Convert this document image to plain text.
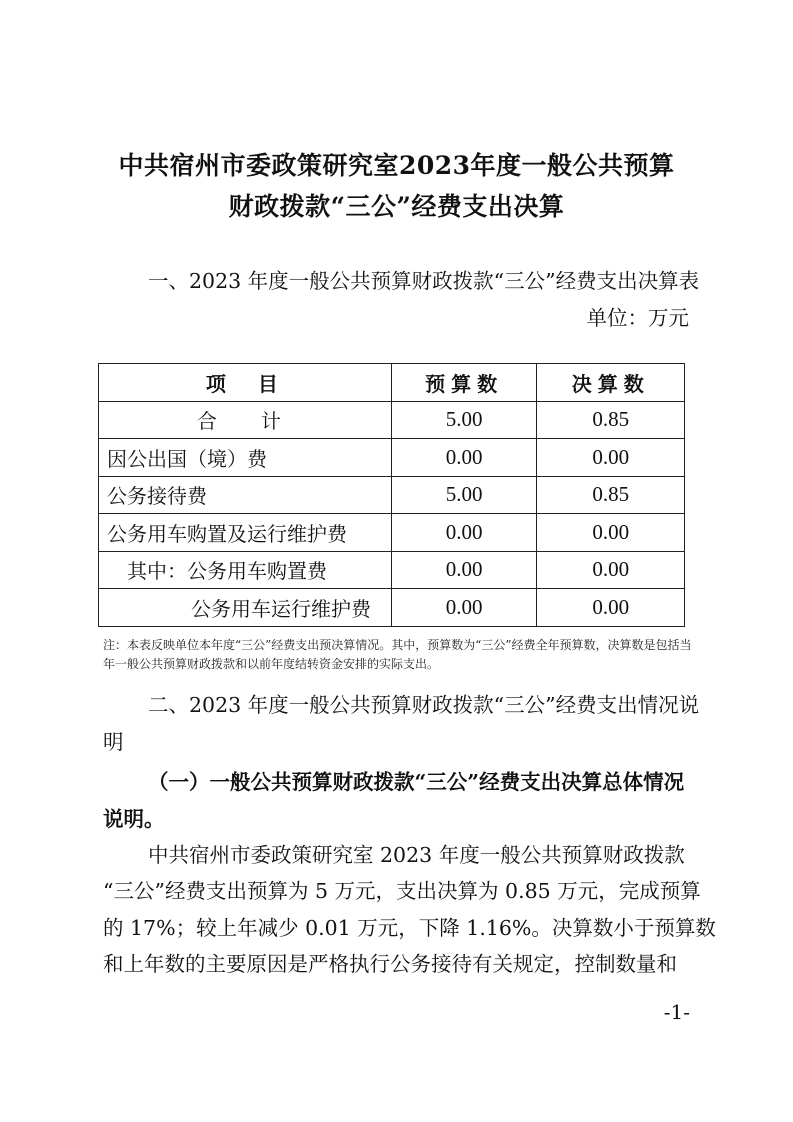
中共宿州市委政策研究室2023年度一般公共预算
财政拨款“三公”经费支出决算
一、2023 年度一般公共预算财政拨款“三公”经费支出决算表
单位：万元
项　目	预算数	决算数
合　计	5.00	0.85
因公出国（境）费	0.00	0.00
公务接待费	5.00	0.85
公务用车购置及运行维护费	0.00	0.00
其中：公务用车购置费	0.00	0.00
公务用车运行维护费	0.00	0.00
注：本表反映单位本年度“三公”经费支出预决算情况。其中，预算数为“三公”经费全年预算数，决算数是包括当年一般公共预算财政拨款和以前年度结转资金安排的实际支出。
二、2023 年度一般公共预算财政拨款“三公”经费支出情况说
明
（一）一般公共预算财政拨款“三公”经费支出决算总体情况
说明。
中共宿州市委政策研究室 2023 年度一般公共预算财政拨款
“三公”经费支出预算为 5 万元，支出决算为 0.85 万元，完成预算
的 17%；较上年减少 0.01 万元，下降 1.16%。决算数小于预算数
和上年数的主要原因是严格执行公务接待有关规定，控制数量和
-1-
